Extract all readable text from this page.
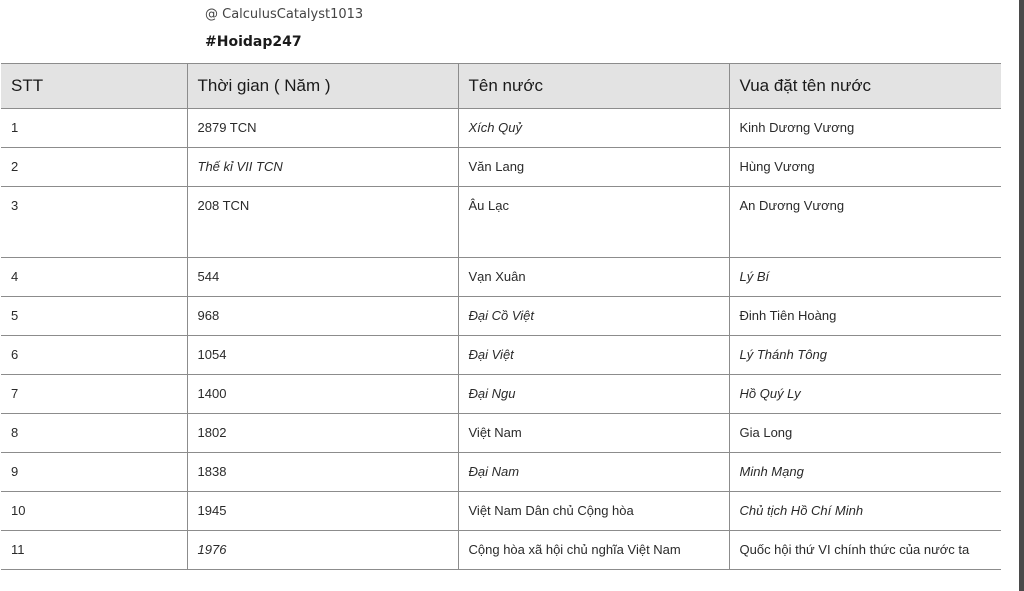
@ CalculusCatalyst1013
#Hoidap247
STT	Thời gian ( Năm )	Tên nước	Vua đặt tên nước
1	2879 TCN	Xích Quỷ	Kinh Dương Vương
2	Thế kỉ VII TCN	Văn Lang	Hùng Vương
3	208 TCN	Âu Lạc	An Dương Vương
4	544	Vạn Xuân	Lý Bí
5	968	Đại Cồ Việt	Đinh Tiên Hoàng
6	1054	Đại Việt	Lý Thánh Tông
7	1400	Đại Ngu	Hồ Quý Ly
8	1802	Việt Nam	Gia Long
9	1838	Đại Nam	Minh Mạng
10	1945	Việt Nam Dân chủ Cộng hòa	Chủ tịch Hồ Chí Minh
11	1976	Cộng hòa xã hội chủ nghĩa Việt Nam	Quốc hội thứ VI chính thức của nước ta
